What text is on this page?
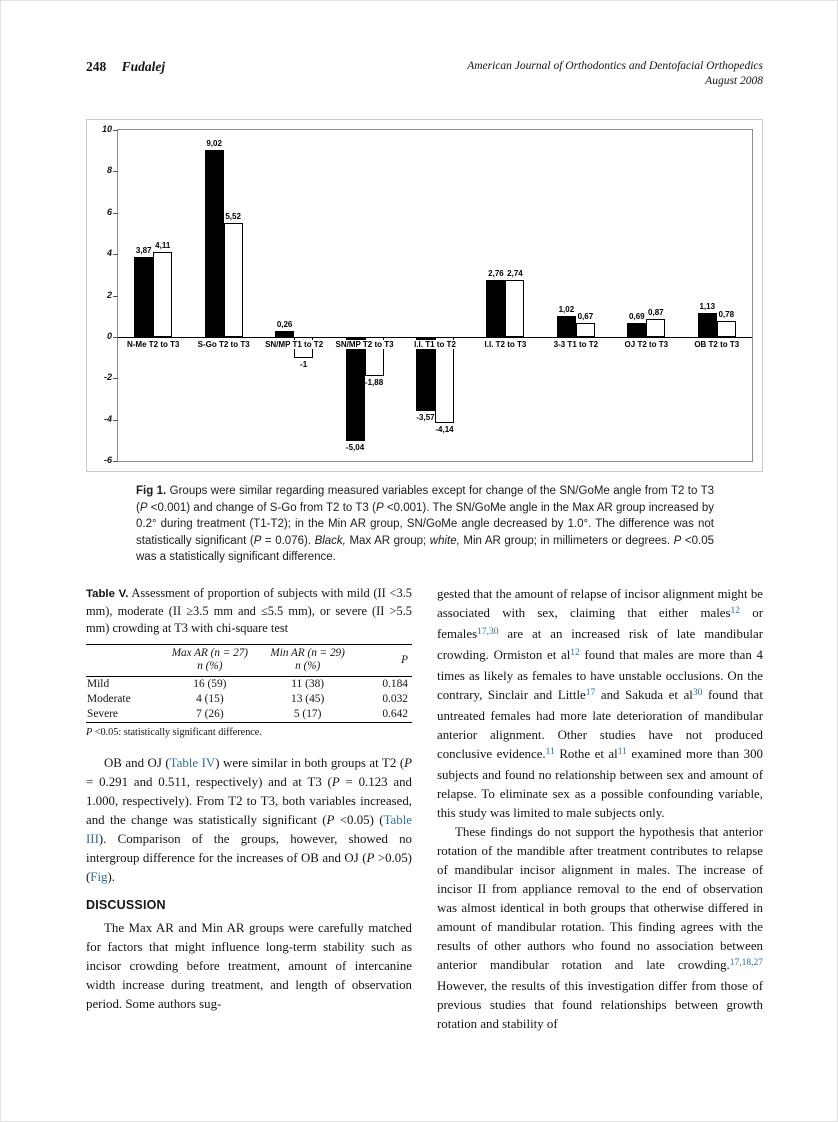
248 Fudalej	American Journal of Orthodontics and Dentofacial Orthopedics
August 2008
-6
-4
-2
0
2
4
6
8
10
3,87
4,11
N-Me T2 to T3
9,02
5,52
S-Go T2 to T3
0,26
-1
SN/MP T1 to T2
-5,04
-1,88
SN/MP T2 to T3
-3,57
-4,14
I.I. T1 to T2
2,76 2,74
I.I. T2 to T3
1,02
0,67
3-3 T1 to T2
0,69 0,87
OJ T2 to T3
1,13
0,78
OB T2 to T3
Fig 1. Groups were similar regarding measured variables except for change of the SN/GoMe angle from T2 to T3 (P <0.001) and change of S-Go from T2 to T3 (P <0.001). The SN/GoMe angle in the Max AR group increased by 0.2° during treatment (T1-T2); in the Min AR group, SN/GoMe angle decreased by 1.0°. The difference was not statistically significant (P = 0.076). Black, Max AR group; white, Min AR group; in millimeters or degrees. P <0.05 was a statistically significant difference.
Table V. Assessment of proportion of subjects with mild (II <3.5 mm), moderate (II ≥3.5 mm and ≤5.5 mm), or severe (II >5.5 mm) crowding at T3 with chi-square test

Max AR (n = 27)
n (%)

Min AR (n = 29)
n (%)
	P
Mild	16 (59)	11 (38)	0.184
Moderate	4 (15)	13 (45)	0.032
Severe	7 (26)	5 (17)	0.642
P <0.05: statistically significant difference.

OB and OJ (Table IV) were similar in both groups at T2 (P = 0.291 and 0.511, respectively) and at T3 (P = 0.123 and 1.000, respectively). From T2 to T3, both variables increased, and the change was statistically significant (P <0.05) (Table III). Comparison of the groups, however, showed no intergroup difference for the increases of OB and OJ (P >0.05) (Fig).

DISCUSSION

The Max AR and Min AR groups were carefully matched for factors that might influence long-term stability such as incisor crowding before treatment, amount of intercanine width increase during treatment, and length of observation period. Some authors sug-

gested that the amount of relapse of incisor alignment might be associated with sex, claiming that either males$^{12}$ or females$^{17,30}$ are at an increased risk of late mandibular crowding. Ormiston et $al^{12}$ found that males are more than 4 times as likely as females to have unstable occlusions. On the contrary, Sinclair and Little$^{17}$ and Sakuda et $al^{30}$ found that untreated females had more late deterioration of mandibular anterior alignment. Other studies have not produced conclusive evidence.$^{11}$ Rothe et $al^{11}$ examined more than 300 subjects and found no relationship between sex and amount of relapse. To eliminate sex as a possible confounding variable, this study was limited to male subjects only.

These findings do not support the hypothesis that anterior rotation of the mandible after treatment contributes to relapse of mandibular incisor alignment in males. The increase of incisor II from appliance removal to the end of observation was almost identical in both groups that otherwise differed in amount of mandibular rotation. This finding agrees with the results of other authors who found no association between anterior mandibular rotation and late crowding.$^{17,18,27}$ However, the results of this investigation differ from those of previous studies that found relationships between growth rotation and stability of
